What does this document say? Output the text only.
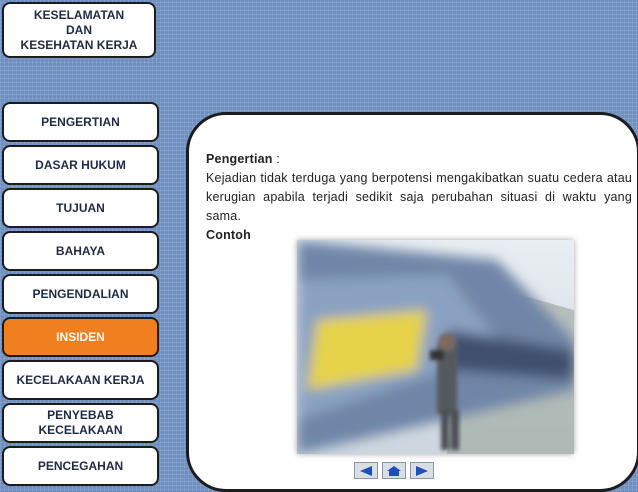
KESELAMATAN
DAN
KESEHATAN KERJA
PENGERTIAN
DASAR HUKUM
TUJUAN
BAHAYA
PENGENDALIAN
INSIDEN
KECELAKAAN KERJA
PENYEBAB
KECELAKAAN
PENCEGAHAN

Pengertian :

Kejadian tidak terduga yang berpotensi mengakibatkan suatu cedera atau kerugian apabila terjadi sedikit saja perubahan situasi di waktu yang sama.

Contoh
